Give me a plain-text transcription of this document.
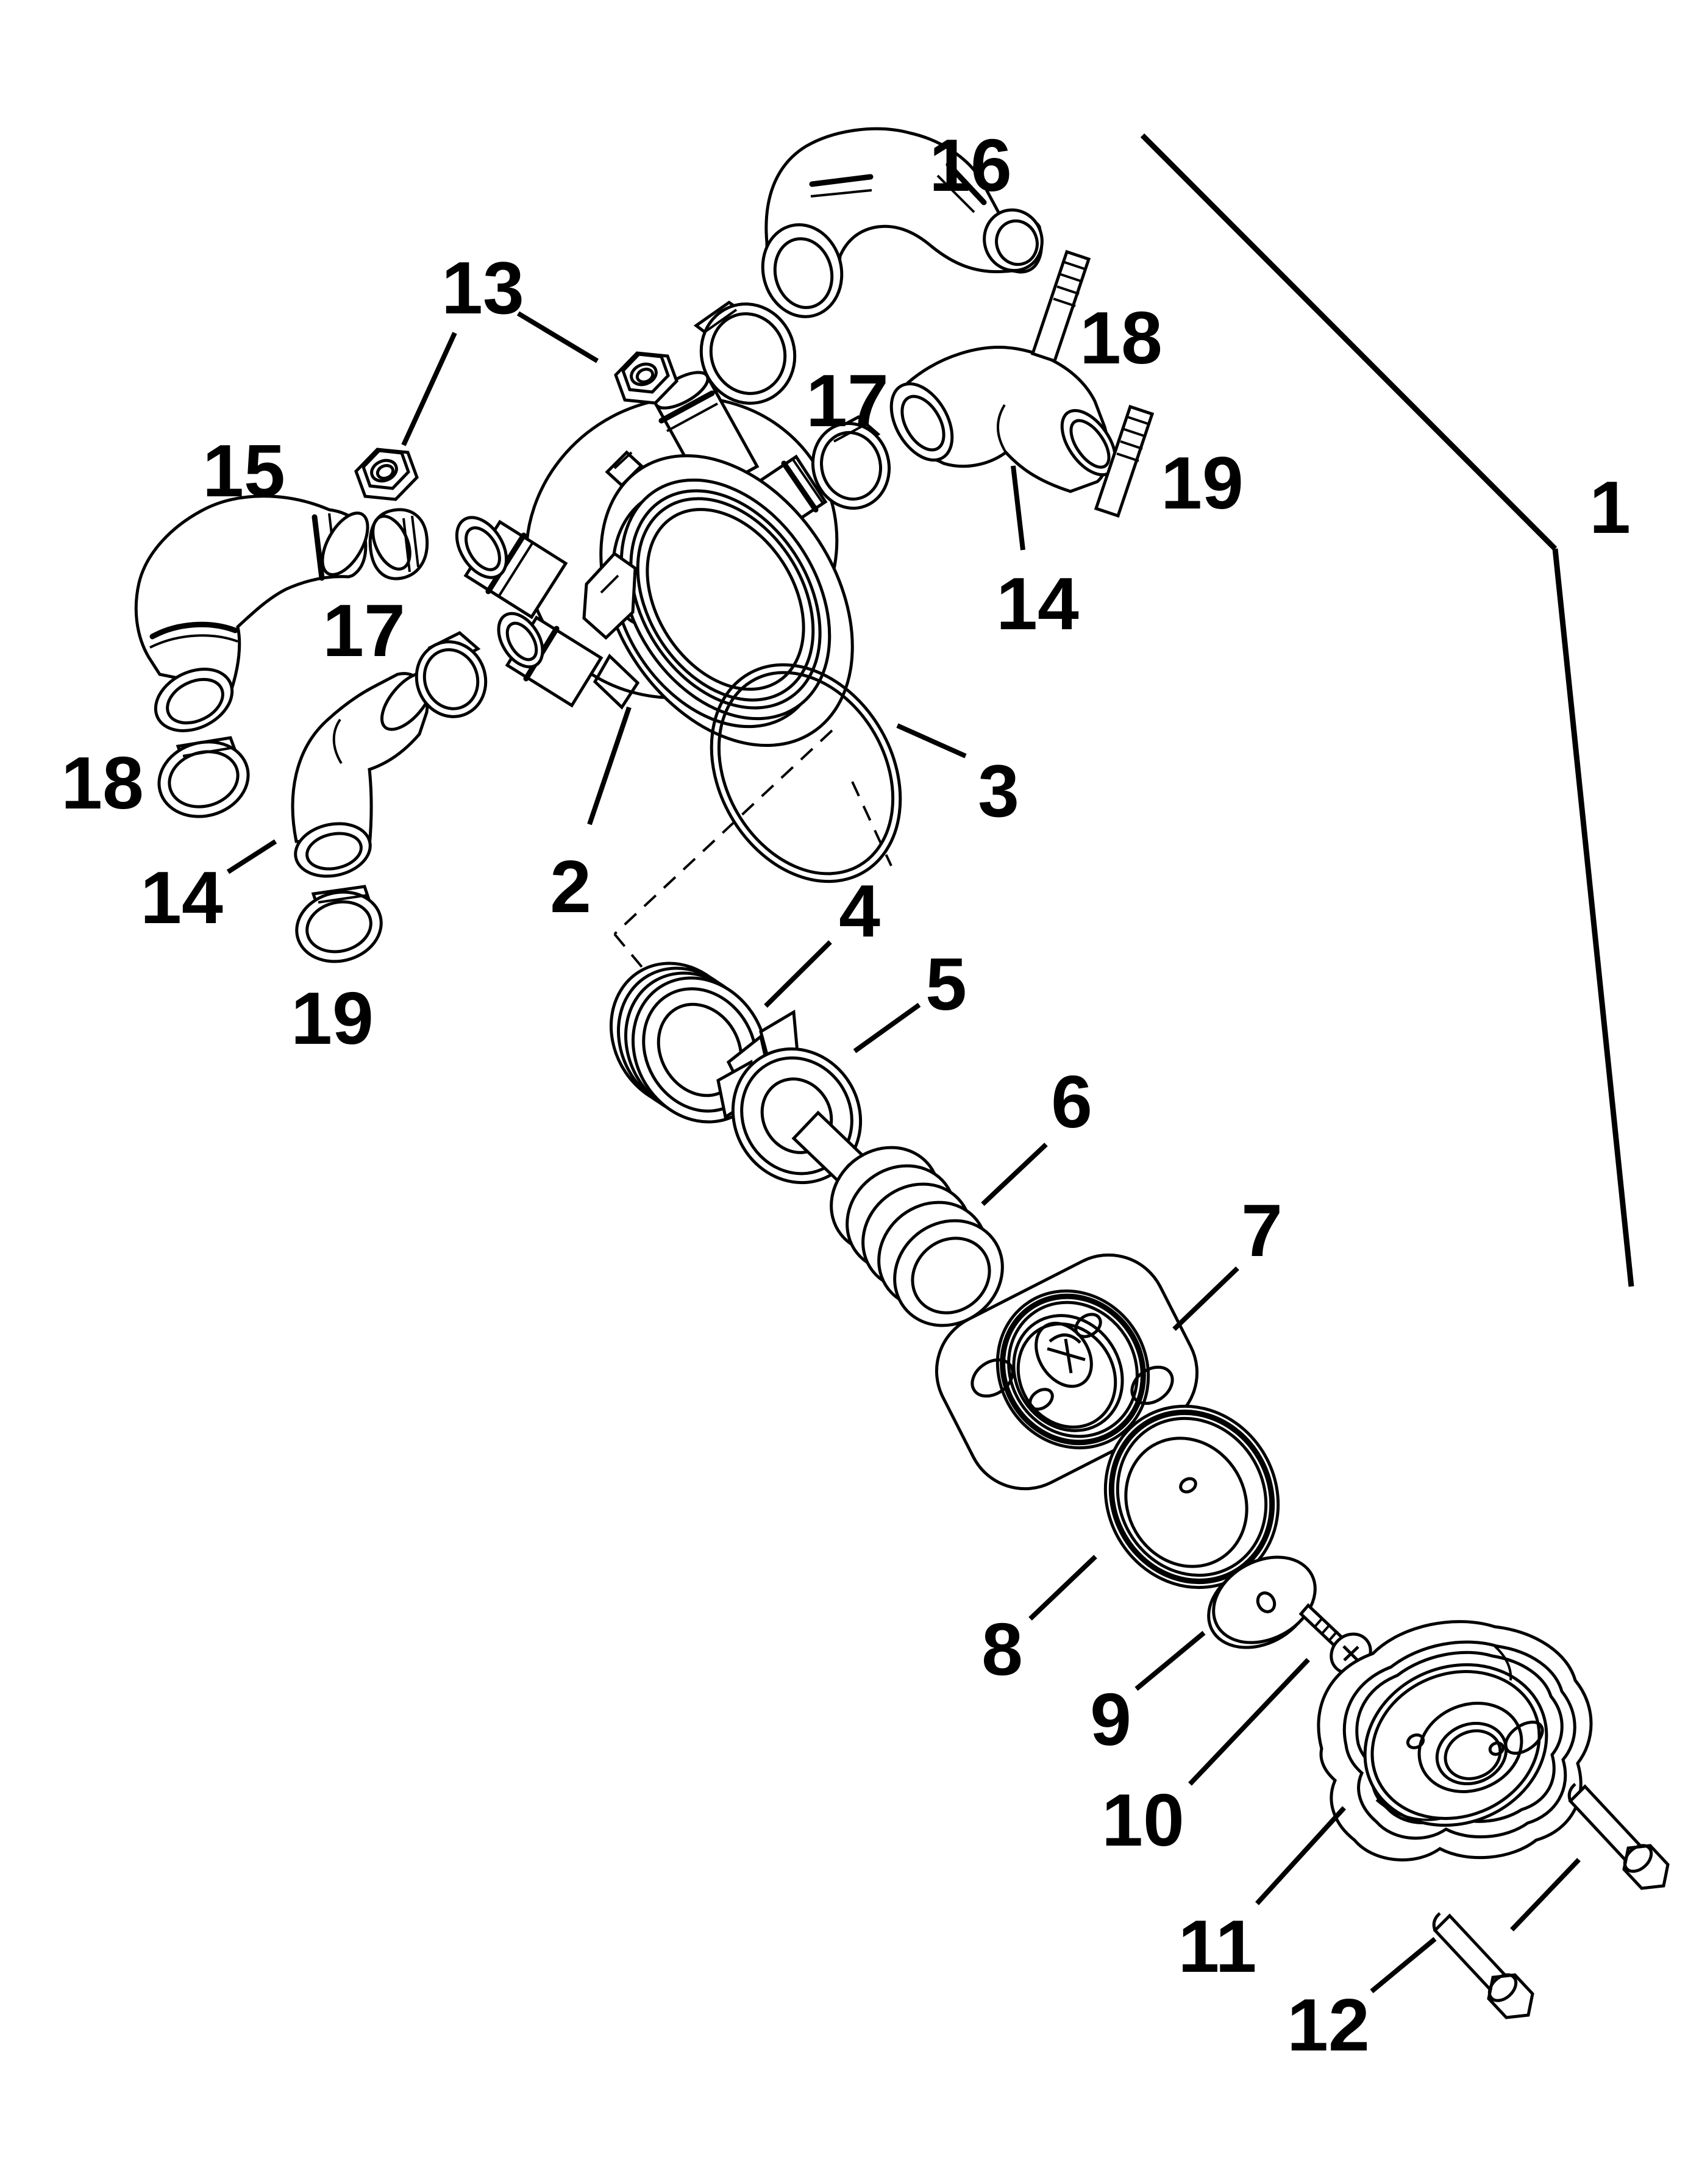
1
2
3
4
5
6
7
8
9
10
11
12
13
14
14
15
16
17
17
18
18
19
19
